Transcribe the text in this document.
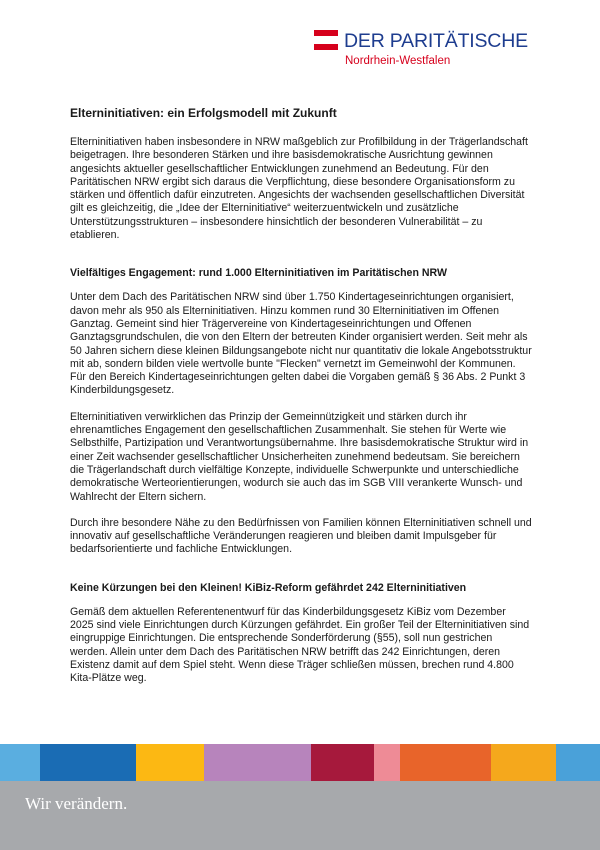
DER PARITÄTISCHE
Nordrhein-Westfalen
Elterninitiativen: ein Erfolgsmodell mit Zukunft

Elterninitiativen haben insbesondere in NRW maßgeblich zur Profilbildung in der Trägerlandschaft beigetragen. Ihre besonderen Stärken und ihre basisdemokratische Ausrichtung gewinnen angesichts aktueller gesellschaftlicher Entwicklungen zunehmend an Bedeutung. Für den Paritätischen NRW ergibt sich daraus die Verpflichtung, diese besondere Organisationsform zu stärken und öffentlich dafür einzutreten. Angesichts der wachsenden gesellschaftlichen Diversität gilt es gleichzeitig, die „Idee der Elterninitiative“ weiterzuentwickeln und zusätzliche Unterstützungsstrukturen – insbesondere hinsichtlich der besonderen Vulnerabilität – zu etablieren.

Vielfältiges Engagement: rund 1.000 Elterninitiativen im Paritätischen NRW

Unter dem Dach des Paritätischen NRW sind über 1.750 Kindertageseinrichtungen organisiert, davon mehr als 950 als Elterninitiativen. Hinzu kommen rund 30 Elterninitiativen im Offenen Ganztag. Gemeint sind hier Trägervereine von Kindertageseinrichtungen und Offenen Ganztagsgrundschulen, die von den Eltern der betreuten Kinder organisiert werden. Seit mehr als 50 Jahren sichern diese kleinen Bildungsangebote nicht nur quantitativ die lokale Angebotsstruktur mit ab, sondern bilden viele wertvolle bunte "Flecken" vernetzt im Gemeinwohl der Kommunen. Für den Bereich Kindertageseinrichtungen gelten dabei die Vorgaben gemäß § 36 Abs. 2 Punkt 3 Kinderbildungsgesetz.

Elterninitiativen verwirklichen das Prinzip der Gemeinnützigkeit und stärken durch ihr ehrenamtliches Engagement den gesellschaftlichen Zusammenhalt. Sie stehen für Werte wie Selbsthilfe, Partizipation und Verantwortungsübernahme. Ihre basisdemokratische Struktur wird in einer Zeit wachsender gesellschaftlicher Unsicherheiten zunehmend bedeutsam. Sie bereichern die Trägerlandschaft durch vielfältige Konzepte, individuelle Schwerpunkte und unterschiedliche demokratische Werteorientierungen, wodurch sie auch das im SGB VIII verankerte Wunsch- und Wahlrecht der Eltern sichern.

Durch ihre besondere Nähe zu den Bedürfnissen von Familien können Elterninitiativen schnell und innovativ auf gesellschaftliche Veränderungen reagieren und bleiben damit Impulsgeber für bedarfsorientierte und fachliche Entwicklungen.

Keine Kürzungen bei den Kleinen! KiBiz-Reform gefährdet 242 Elterninitiativen

Gemäß dem aktuellen Referentenentwurf für das Kinderbildungsgesetz KiBiz vom Dezember 2025 sind viele Einrichtungen durch Kürzungen gefährdet. Ein großer Teil der Elterninitiativen sind eingruppige Einrichtungen. Die entsprechende Sonderförderung (§55), soll nun gestrichen werden. Allein unter dem Dach des Paritätischen NRW betrifft das 242 Einrichtungen, deren Existenz damit auf dem Spiel steht. Wenn diese Träger schließen müssen, brechen rund 4.800 Kita-Plätze weg.

Wir verändern.
